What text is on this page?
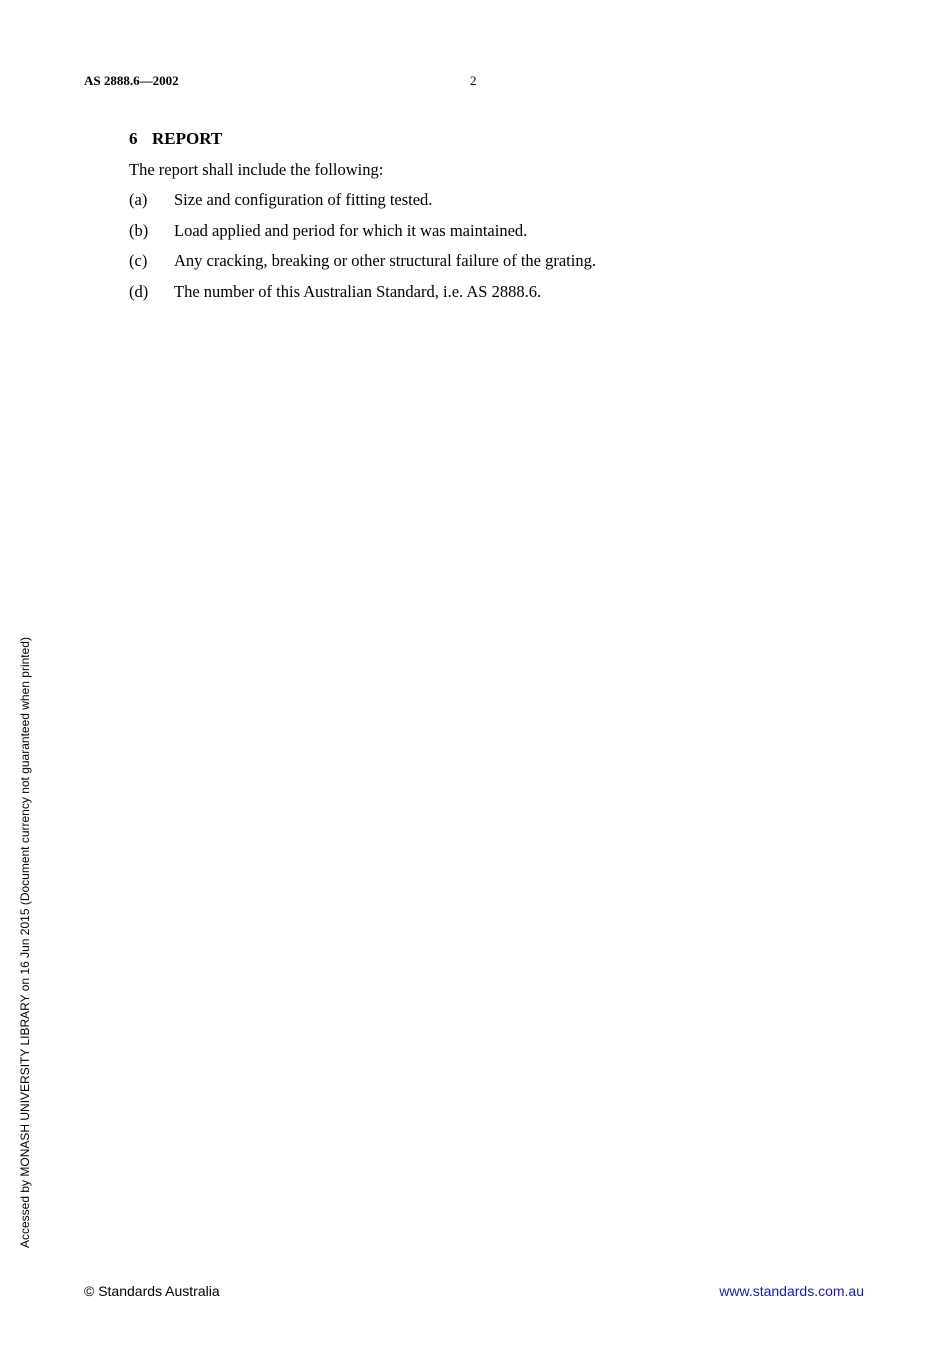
AS 2888.6—2002	2
6 REPORT

The report shall include the following:

(a)	Size and configuration of fitting tested.
(b)	Load applied and period for which it was maintained.
(c)	Any cracking, breaking or other structural failure of the grating.
(d)	The number of this Australian Standard, i.e. AS 2888.6.
Accessed by MONASH UNIVERSITY LIBRARY on 16 Jun 2015 (Document currency not guaranteed when printed)
© Standards Australia	www.standards.com.au
